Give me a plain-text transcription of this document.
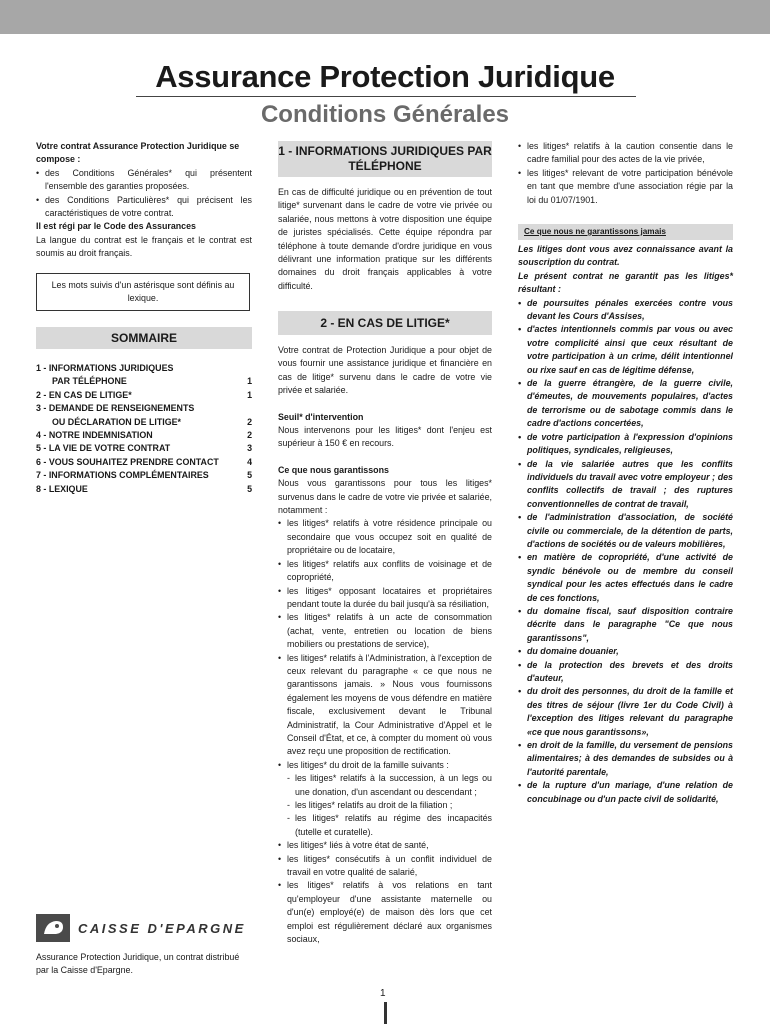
Assurance Protection Juridique
Conditions Générales

Votre contrat Assurance Protection Juridique se compose :

• des Conditions Générales* qui présentent l'ensemble des garanties proposées.
• des Conditions Particulières* qui précisent les caractéristiques de votre contrat.

Il est régi par le Code des Assurances

La langue du contrat est le français et le contrat est soumis au droit français.

Les mots suivis d'un astérisque sont définis au lexique.
SOMMAIRE
1 - INFORMATIONS JURIDIQUES
PAR TÉLÉPHONE	1
2 - EN CAS DE LITIGE*	1
3 - DEMANDE DE RENSEIGNEMENTS
OU DÉCLARATION DE LITIGE*	2
4 - NOTRE INDEMNISATION	2
5 - LA VIE DE VOTRE CONTRAT	3
6 - VOUS SOUHAITEZ PRENDRE CONTACT	4
7 - INFORMATIONS COMPLÉMENTAIRES	5
8 - LEXIQUE	5
CAISSE D'EPARGNE
Assurance Protection Juridique, un contrat distribué par la Caisse d'Epargne.
1 - INFORMATIONS JURIDIQUES PAR TÉLÉPHONE

En cas de difficulté juridique ou en prévention de tout litige* survenant dans le cadre de votre vie privée ou salariée, nous mettons à votre disposition une équipe de juristes spécialisés. Cette équipe répondra par téléphone à toute demande d'ordre juridique en vous délivrant une information pratique sur les différents domaines du droit français applicables à votre difficulté.

2 - EN CAS DE LITIGE*

Votre contrat de Protection Juridique a pour objet de vous fournir une assistance juridique et financière en cas de litige* survenu dans le cadre de votre vie privée et salariée.

Seuil* d'intervention

Nous intervenons pour les litiges* dont l'enjeu est supérieur à 150 € en recours.

Ce que nous garantissons

Nous vous garantissons pour tous les litiges* survenus dans le cadre de votre vie privée et salariée, notamment :

• les litiges* relatifs à votre résidence principale ou secondaire que vous occupez soit en qualité de propriétaire ou de locataire,
• les litiges* relatifs aux conflits de voisinage et de copropriété,
• les litiges* opposant locataires et propriétaires pendant toute la durée du bail jusqu'à sa résiliation,
• les litiges* relatifs à un acte de consommation (achat, vente, entretien ou location de biens mobiliers ou prestations de service),
• les litiges* relatifs à l'Administration, à l'exception de ceux relevant du paragraphe « ce que nous ne garantissons jamais. » Nous vous fournissons également les moyens de vous défendre en matière fiscale, exclusivement devant le Tribunal Administratif, la Cour Administrative d'Appel et le Conseil d'État, et ce, à compter du moment où vous avez reçu une proposition de rectification.
• les litiges* du droit de la famille suivants :
- les litiges* relatifs à la succession, à un legs ou une donation, d'un ascendant ou descendant ;
- les litiges* relatifs au droit de la filiation ;
- les litiges* relatifs au régime des incapacités (tutelle et curatelle).
• les litiges* liés à votre état de santé,
• les litiges* consécutifs à un conflit individuel de travail en votre qualité de salarié,
• les litiges* relatifs à vos relations en tant qu'employeur d'une assistante maternelle ou d'un(e) employé(e) de maison dès lors que cet emploi est régulièrement déclaré aux organismes sociaux,
• les litiges* relatifs à la caution consentie dans le cadre familial pour des actes de la vie privée,
• les litiges* relevant de votre participation bénévole en tant que membre d'une association régie par la loi du 01/07/1901.
Ce que nous ne garantissons jamais

Les litiges dont vous avez connaissance avant la souscription du contrat.

Le présent contrat ne garantit pas les litiges* résultant :

• de poursuites pénales exercées contre vous devant les Cours d'Assises,
• d'actes intentionnels commis par vous ou avec votre complicité ainsi que ceux résultant de votre participation à un crime, délit intentionnel ou rixe sauf en cas de légitime défense,
• de la guerre étrangère, de la guerre civile, d'émeutes, de mouvements populaires, d'actes de terrorisme ou de sabotage commis dans le cadre d'actions concertées,
• de votre participation à l'expression d'opinions politiques, syndicales, religieuses,
• de la vie salariée autres que les conflits individuels du travail avec votre employeur ; des conflits collectifs de travail ; des ruptures conventionnelles de contrat de travail,
• de l'administration d'association, de société civile ou commerciale, de la détention de parts, d'actions de sociétés ou de valeurs mobilières,
• en matière de copropriété, d'une activité de syndic bénévole ou de membre du conseil syndical pour les actes effectués dans le cadre de ces fonctions,
• du domaine fiscal, sauf disposition contraire décrite dans le paragraphe "Ce que nous garantissons",
• du domaine douanier,
• de la protection des brevets et des droits d'auteur,
• du droit des personnes, du droit de la famille et des titres de séjour (livre 1er du Code Civil) à l'exception des litiges relevant du paragraphe «ce que nous garantissons»,
• en droit de la famille, du versement de pensions alimentaires; à des demandes de subsides ou à l'autorité parentale,
• de la rupture d'un mariage, d'une relation de concubinage ou d'un pacte civil de solidarité,
1
